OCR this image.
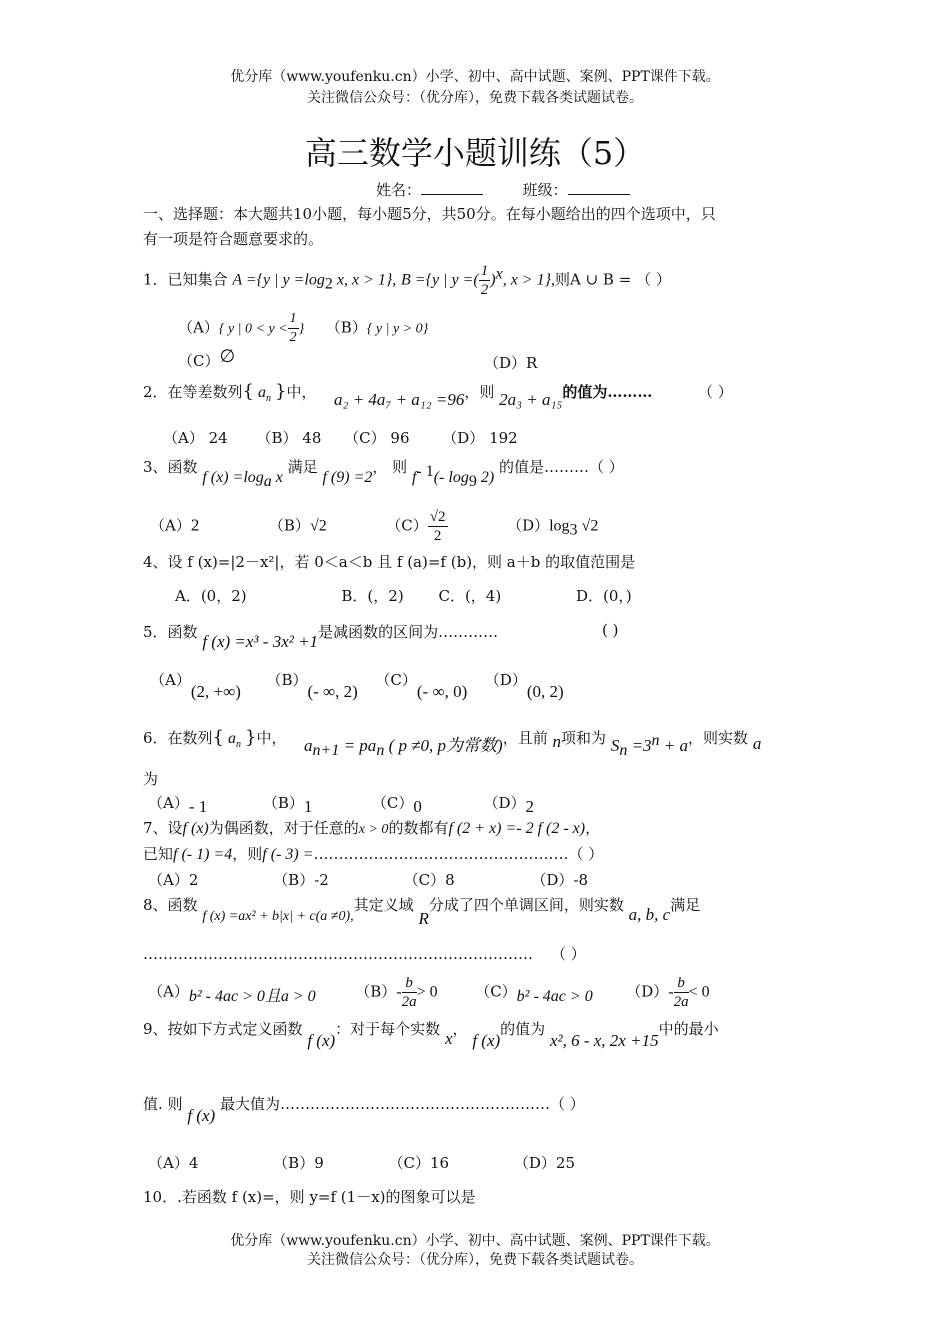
优分库（www.youfenku.cn）小学、初中、高中试题、案例、PPT课件下载。
关注微信公众号：（优分库），免费下载各类试题试卷。
高三数学小题训练（5）
姓名：	班级：
一、选择题：本大题共10小题，每小题5分，共50分。在每小题给出的四个选项中，只
有一项是符合题意要求的。
1．已知集合 A ={y | $y =\log_2$ x, x > 1}, B ={y | y =( $\frac{1}{2} )^x$, x > 1},则A ∪ B = （ ）
（A）{ y | $0 < y < \frac{1}{2}$ } （B）{ y | y > 0}
（C）∅	（D）R
2．在等差数列{ $a_n$ }中， a₂ + 4a₇ + a₁₂ =96，则 2a₃ + a₁₅的值为………	（ ）
（A） 24 （B） 48 （C） 96 （D） 192
3、函数 f $(x) =\log_a$ x 满足 f (9) =2， 则 $f^{- 1}(-$ $\log_9 2$) 的值是………（ ）
（A）2	（B）√2	$(C) \frac{√2}{2}$	$(D)\log_3$ √2
4、设 f (x)=|2－x²|，若 0＜a＜b 且 f (a)=f (b)，则 a＋b 的取值范围是
A．(0，2)	B．(，2) C．(，4)	D．(0，)
5．函数 f (x) =x³ - 3x² +1是减函数的区间为…………	( )
（A）(2, +∞)  （B）(- ∞, 2)  （C）(- ∞, 0)  （D）(0, 2)
6．在数列{ $a_n$ }中， $a_{n+1} = pa_n$ ( p ≠0, p为常数)，且前 n项和为 $S_n =3^n + a$，则实数 a
为
（A）- 1	（B）1	（C）0	（D）2
7、设f (x)为偶函数，对于任意的x > 0的数都有f (2 + x) =- 2 f (2 - x)，
已知f (- 1) =4，则f (- 3) =……………………………………………（ ）
（A）2	（B）-2	（C）8	（D）-8
8、函数 f (x) =ax² + b|x| + c(a ≠0),其定义域 R分成了四个单调区间，则实数 a, b, c满足
…………………………………………………………………… （ ）
（A）b² - 4ac > 0且a > 0	$(B)- \frac{b}{2a} > 0$	（C）b² - 4ac > 0 $(D)- \frac{b}{2a} < 0$
9、按如下方式定义函数 f (x)：对于每个实数 x， f (x)的值为 x², 6 - x, 2x +15中的最小
值. 则 f (x) 最大值为………………………………………………（ ）
（A）4	（B）9	（C）16	（D）25
10．.若函数 f (x)=，则 y=f (1－x)的图象可以是
优分库（www.youfenku.cn）小学、初中、高中试题、案例、PPT课件下载。
关注微信公众号：（优分库），免费下载各类试题试卷。
